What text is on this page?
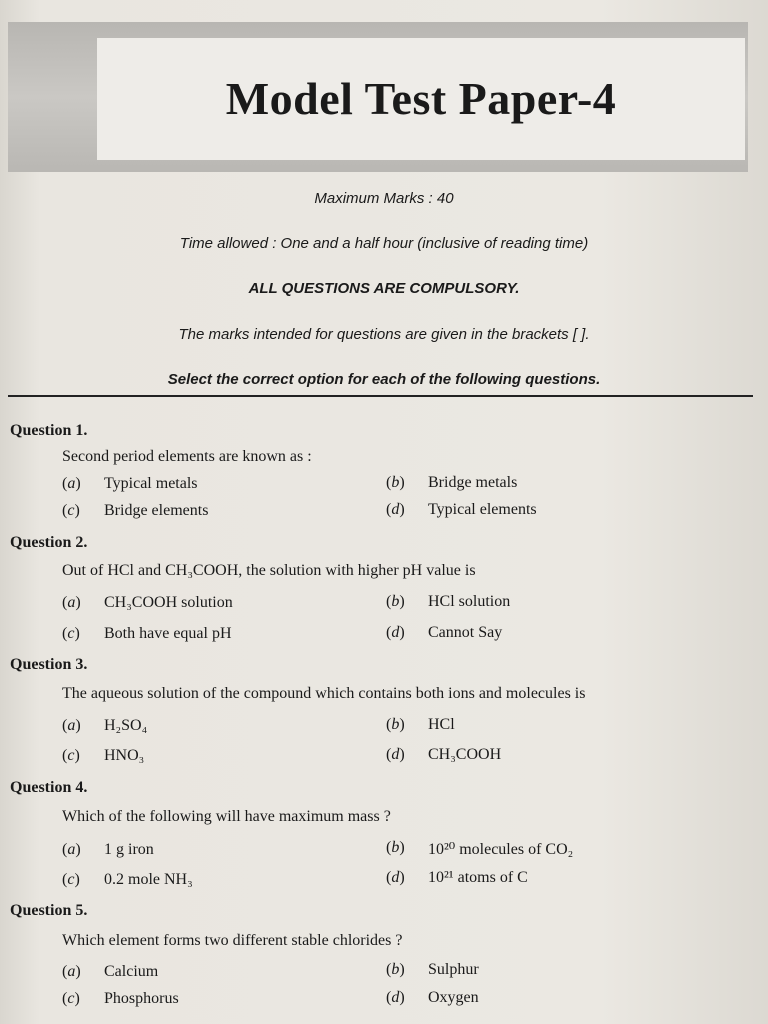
Model Test Paper-4
Maximum Marks : 40
Time allowed : One and a half hour (inclusive of reading time)
ALL QUESTIONS ARE COMPULSORY.
The marks intended for questions are given in the brackets [ ].
Select the correct option for each of the following questions.
Question 1.
Second period elements are known as :
(a)	Typical metals	(b)	Bridge metals
(c)	Bridge elements	(d)	Typical elements
Question 2.
Out of HCl and CH₃COOH, the solution with higher pH value is
(a)	CH₃COOH solution	(b)	HCl solution
(c)	Both have equal pH	(d)	Cannot Say
Question 3.
The aqueous solution of the compound which contains both ions and molecules is
(a)	H₂SO₄	(b)	HCl
(c)	HNO₃	(d)	CH₃COOH
Question 4.
Which of the following will have maximum mass ?
(a)	1 g iron	(b)	10²⁰ molecules of CO₂
(c)	0.2 mole NH₃	(d)	10²¹ atoms of C
Question 5.
Which element forms two different stable chlorides ?
(a)	Calcium	(b)	Sulphur
(c)	Phosphorus	(d)	Oxygen
